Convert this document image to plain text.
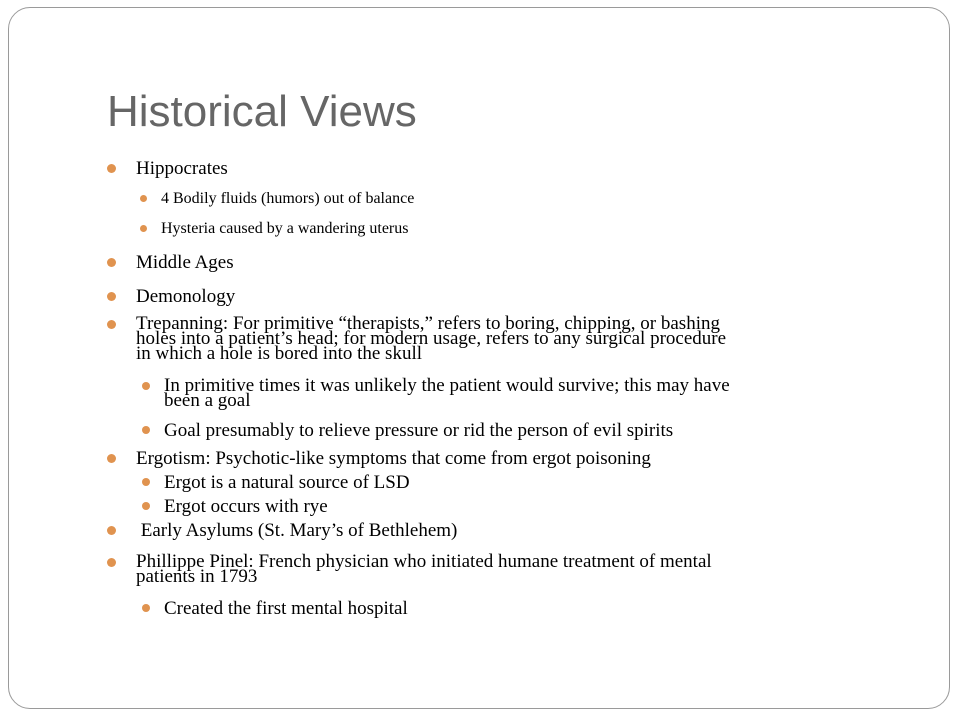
Historical Views
Hippocrates
4 Bodily fluids (humors) out of balance
Hysteria caused by a wandering uterus
Middle Ages
Demonology
Trepanning: For primitive “therapists,” refers to boring, chipping, or bashing
holes into a patient’s head; for modern usage, refers to any surgical procedure
in which a hole is bored into the skull
In primitive times it was unlikely the patient would survive; this may have
been a goal
Goal presumably to relieve pressure or rid the person of evil spirits
Ergotism: Psychotic-like symptoms that come from ergot poisoning
Ergot is a natural source of LSD
Ergot occurs with rye
Early Asylums (St. Mary’s of Bethlehem)
Phillippe Pinel: French physician who initiated humane treatment of mental
patients in 1793
Created the first mental hospital
